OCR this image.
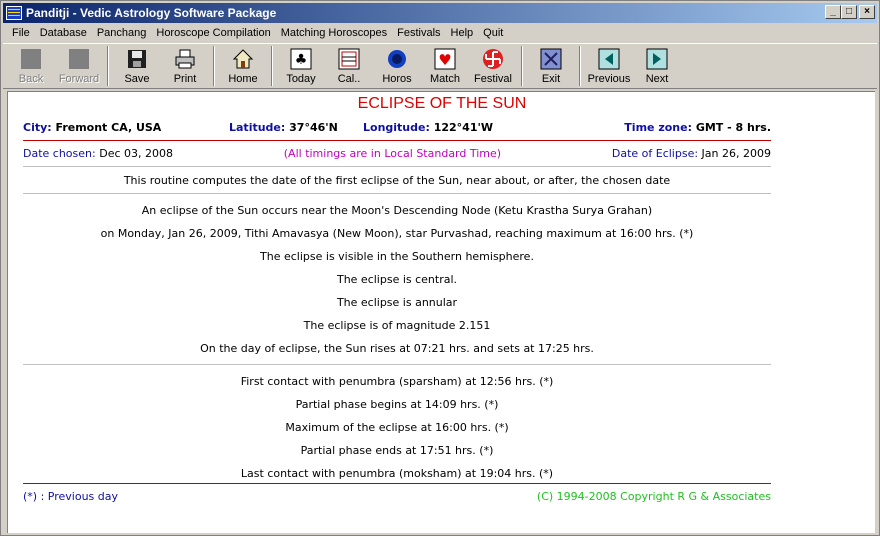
Panditji - Vedic Astrology Software Package	_	□	×
File Database Panchang Horoscope Compilation Matching Horoscopes Festivals Help Quit
Back Forward Save Print	Home
♣
Today Cal.. Horos
♥
Match Festival	Exit Previous Next
ECLIPSE OF THE SUN
City: Fremont CA, USA	Latitude: 37°46'N Longitude: 122°41'W	Time zone: GMT - 8 hrs.
Date chosen: Dec 03, 2008	(All timings are in Local Standard Time)	Date of Eclipse: Jan 26, 2009
This routine computes the date of the first eclipse of the Sun, near about, or after, the chosen date
An eclipse of the Sun occurs near the Moon's Descending Node (Ketu Krastha Surya Grahan)
on Monday, Jan 26, 2009, Tithi Amavasya (New Moon), star Purvashad, reaching maximum at 16:00 hrs. (*)
The eclipse is visible in the Southern hemisphere.
The eclipse is central.
The eclipse is annular
The eclipse is of magnitude 2.151
On the day of eclipse, the Sun rises at 07:21 hrs. and sets at 17:25 hrs.
First contact with penumbra (sparsham) at 12:56 hrs. (*)
Partial phase begins at 14:09 hrs. (*)
Maximum of the eclipse at 16:00 hrs. (*)
Partial phase ends at 17:51 hrs. (*)
Last contact with penumbra (moksham) at 19:04 hrs. (*)
(*) : Previous day	(C) 1994-2008 Copyright R G & Associates
